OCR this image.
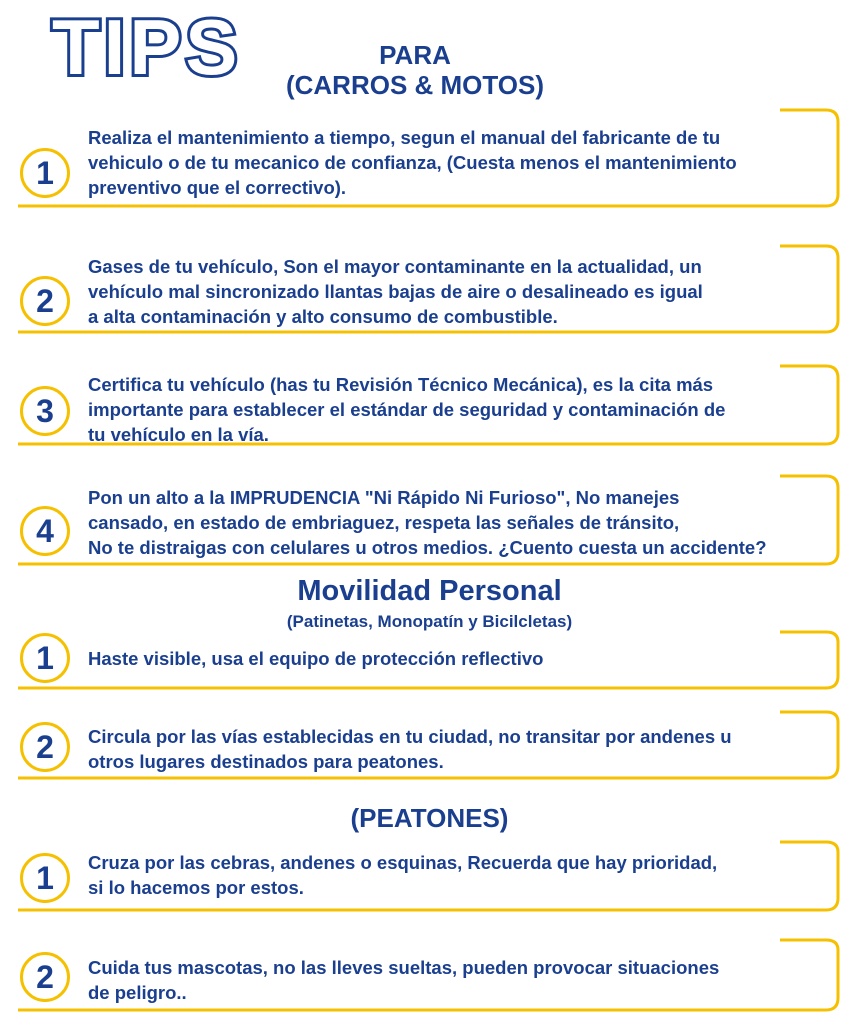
TIPS	PARA

(CARROS & MOTOS)

1

Realiza el mantenimiento a tiempo, segun el manual del fabricante de tu
vehiculo o de tu mecanico de confianza, (Cuesta menos el mantenimiento
preventivo que el correctivo).

2

Gases de tu vehículo, Son el mayor contaminante en la actualidad, un
vehículo mal sincronizado llantas bajas de aire o desalineado es igual
a alta contaminación y alto consumo de combustible.

3

Certifica tu vehículo (has tu Revisión Técnico Mecánica), es la cita más
importante para establecer el estándar de seguridad y contaminación de
tu vehículo en la vía.

4

Pon un alto a la IMPRUDENCIA "Ni Rápido Ni Furioso", No manejes
cansado, en estado de embriaguez, respeta las señales de tránsito,
No te distraigas con celulares u otros medios. ¿Cuento cuesta un accidente?

Movilidad Personal

(Patinetas, Monopatín y Bicilcletas)

1	Haste visible, usa el equipo de protección reflectivo

2	Circula por las vías establecidas en tu ciudad, no transitar por andenes u
otros lugares destinados para peatones.

(PEATONES)
1	Cruza por las cebras, andenes o esquinas, Recuerda que hay prioridad,
si lo hacemos por estos.

2	Cuida tus mascotas, no las lleves sueltas, pueden provocar situaciones
de peligro..
